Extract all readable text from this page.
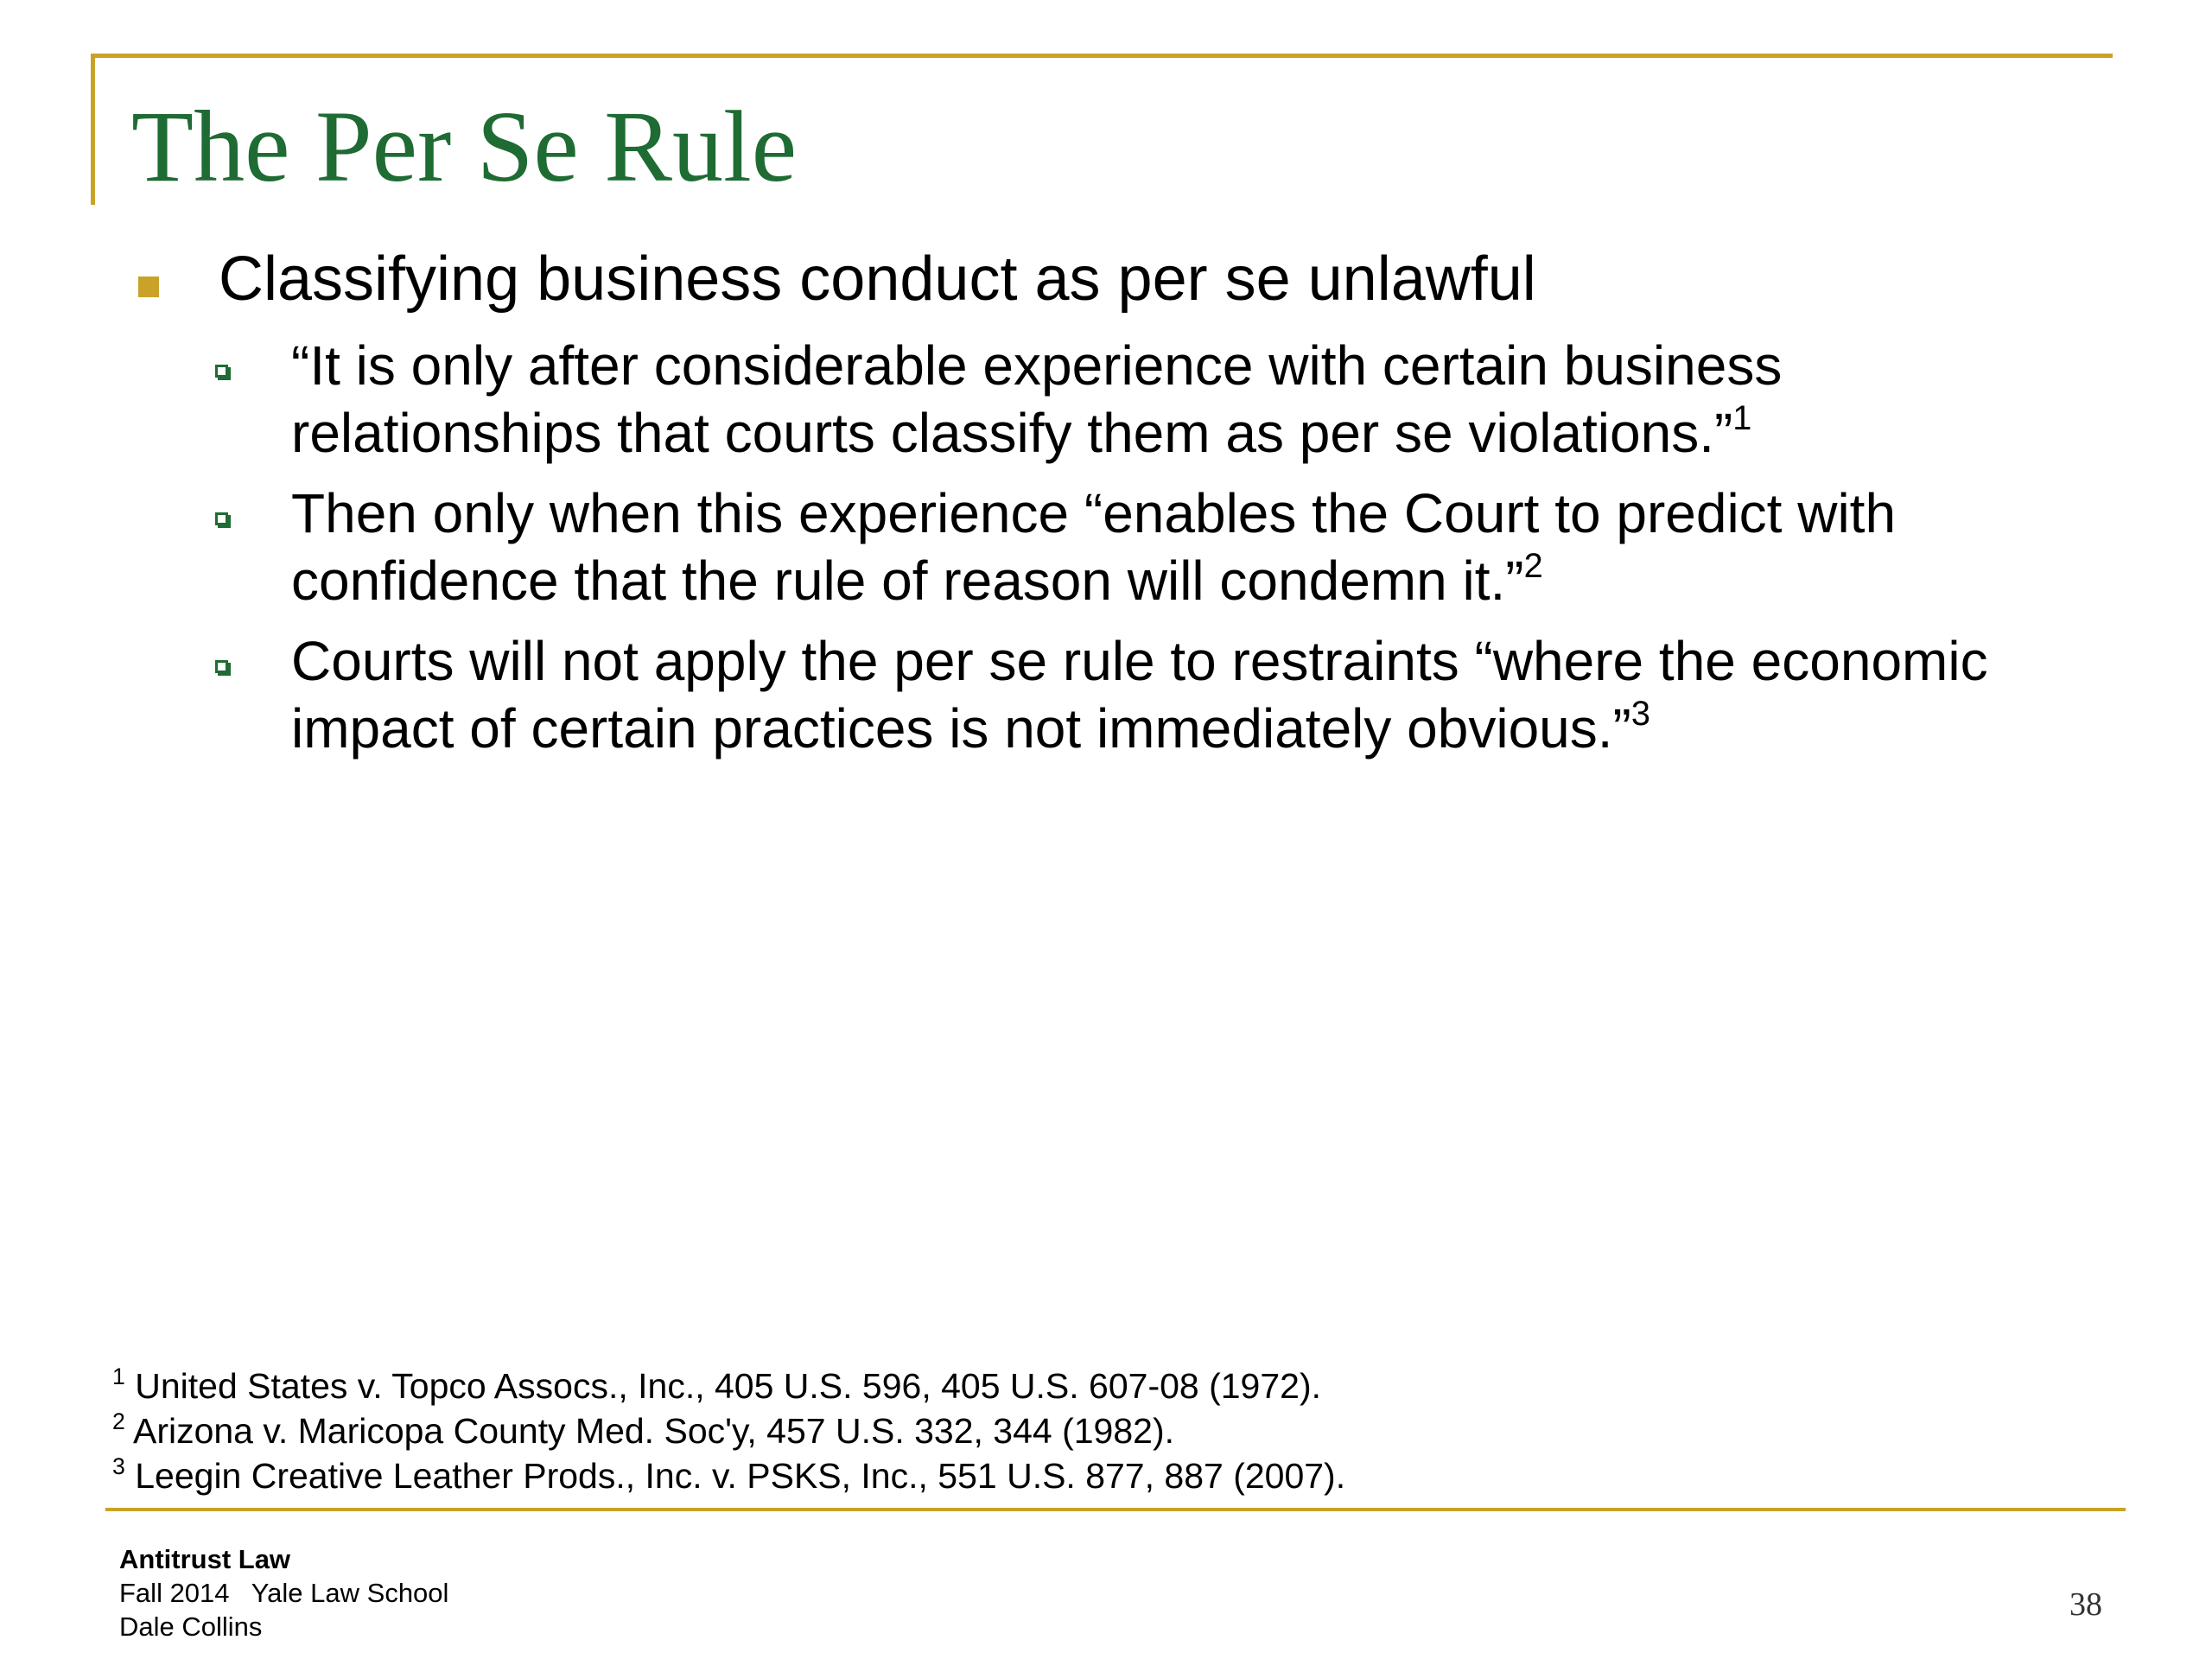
The Per Se Rule
Classifying business conduct as per se unlawful
“It is only after considerable experience with certain business relationships that courts classify them as per se violations.”$^1$
Then only when this experience “enables the Court to predict with confidence that the rule of reason will condemn it.”$^2$
Courts will not apply the per se rule to restraints “where the economic impact of certain practices is not immediately obvious.”$^3$
$^1$ United States v. Topco Assocs., Inc., 405 U.S. 596, 405 U.S. 607-08 (1972).
$^2$ Arizona v. Maricopa County Med. Soc'y, 457 U.S. 332, 344 (1982).
$^3$ Leegin Creative Leather Prods., Inc. v. PSKS, Inc., 551 U.S. 877, 887 (2007).
Antitrust Law
Fall 2014   Yale Law School
Dale Collins
38
